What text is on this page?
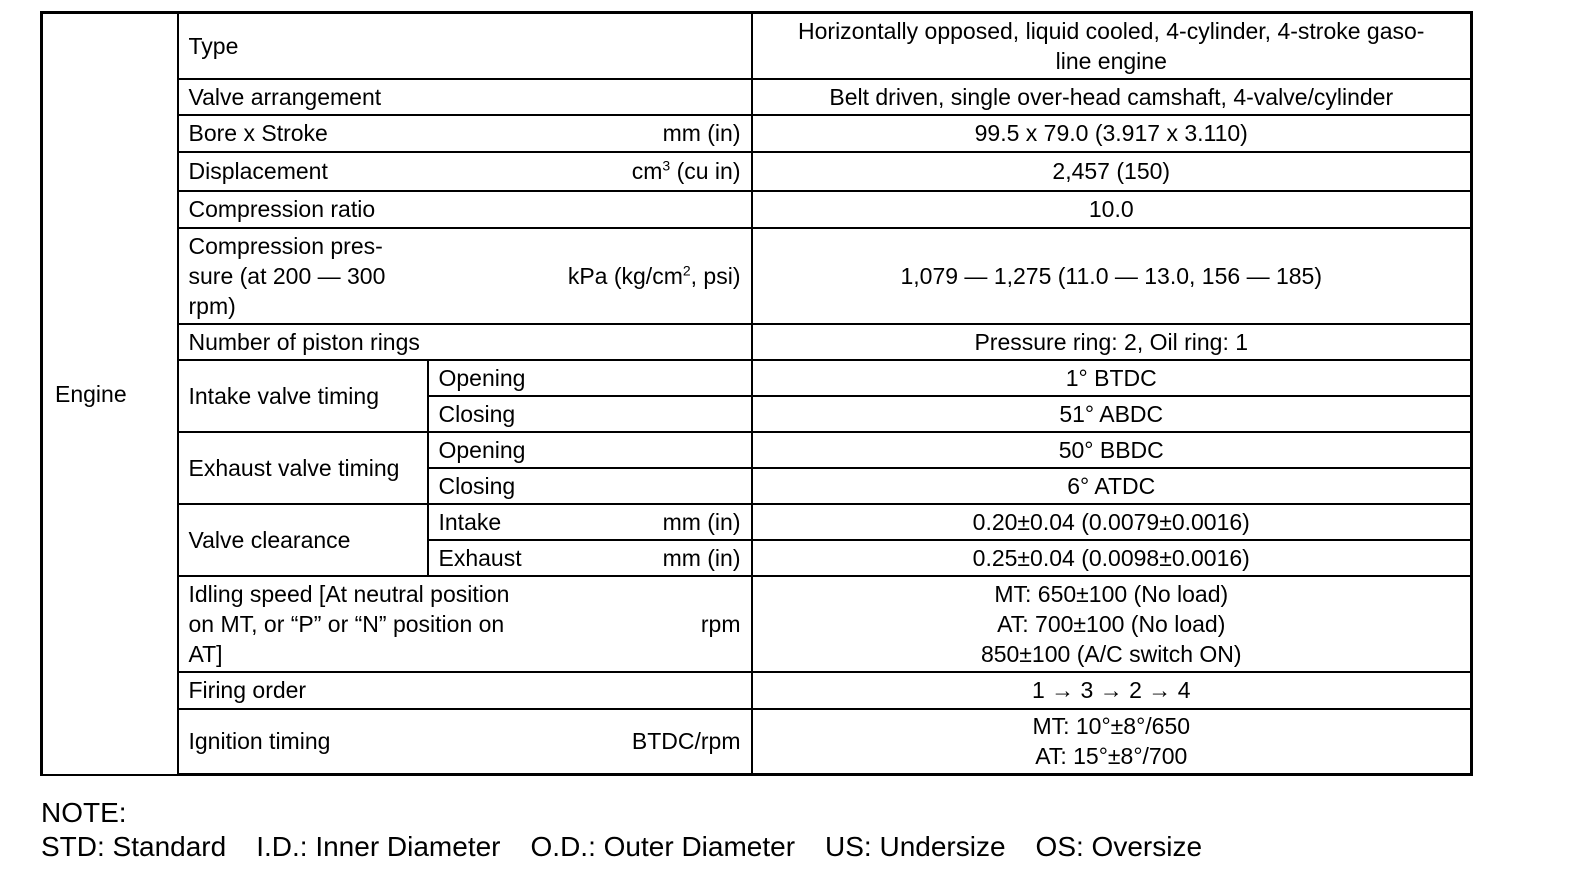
Engine	Type		Horizontally opposed, liquid cooled, 4-cylinder, 4-stroke gaso-
line engine

	Valve arrangement		Belt driven, single over-head camshaft, 4-valve/cylinder

	Bore x Stroke mm (in)		99.5 x 79.0 (3.917 x 3.110)

	Displacement $cm^3$ (cu in)		2,457 (150)
	Compression ratio		10.0

	Compression pres-
sure (at 200 — 300
rpm)
kPa ($kg/cm^2$, psi)		1,079 — 1,275 (11.0 — 13.0, 156 — 185)
	Number of piston rings		Pressure ring: 2, Oil ring: 1
	Intake valve timing	Opening	1° BTDC
		Closing	51° ABDC
	Exhaust valve timing	Opening	50° BBDC
		Closing	6° ATDC
	Valve clearance	Intake mm (in)	0.20±0.04 (0.0079±0.0016)

		Exhaust mm (in)	0.25±0.04 (0.0098±0.0016)

	Idling speed [At neutral position
on MT, or “P” or “N” position on
AT]
rpm		MT: 650±100 (No load)
AT: 700±100 (No load)
850±100 (A/C switch ON)

	Firing order		1 → 3 → 2 → 4

	Ignition timing BTDC/rpm		MT: 10°±8°/650
AT: 15°±8°/700
NOTE:
STD: Standard I.D.: Inner Diameter O.D.: Outer Diameter US: Undersize OS: Oversize
